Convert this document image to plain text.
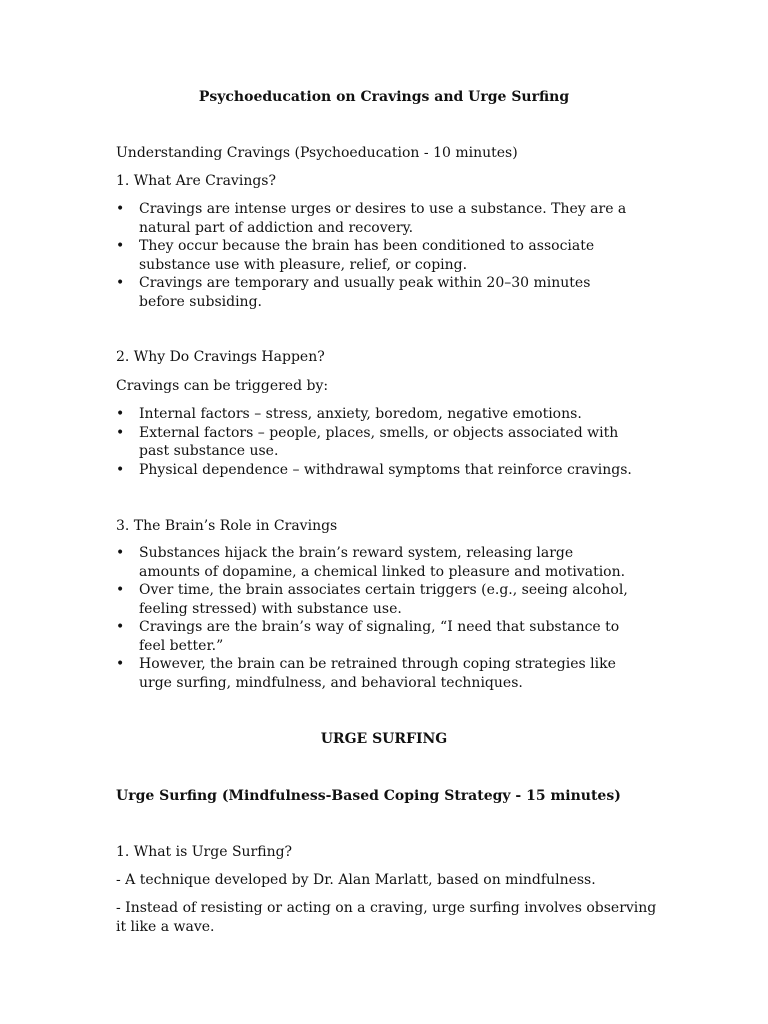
Psychoeducation on Cravings and Urge Surfing
Understanding Cravings (Psychoeducation - 10 minutes)
1. What Are Cravings?
•	Cravings are intense urges or desires to use a substance. They are a natural part of addiction and recovery.
•	They occur because the brain has been conditioned to associate substance use with pleasure, relief, or coping.
•	Cravings are temporary and usually peak within 20–30 minutes before subsiding.
2. Why Do Cravings Happen?
Cravings can be triggered by:
•	Internal factors – stress, anxiety, boredom, negative emotions.
•	External factors – people, places, smells, or objects associated with past substance use.
•	Physical dependence – withdrawal symptoms that reinforce cravings.
3. The Brain’s Role in Cravings
•	Substances hijack the brain’s reward system, releasing large amounts of dopamine, a chemical linked to pleasure and motivation.
•	Over time, the brain associates certain triggers (e.g., seeing alcohol, feeling stressed) with substance use.
•	Cravings are the brain’s way of signaling, “I need that substance to feel better.”
•	However, the brain can be retrained through coping strategies like urge surfing, mindfulness, and behavioral techniques.
URGE SURFING
Urge Surfing (Mindfulness-Based Coping Strategy - 15 minutes)
1. What is Urge Surfing?
- A technique developed by Dr. Alan Marlatt, based on mindfulness.
- Instead of resisting or acting on a craving, urge surfing involves observing it like a wave.
